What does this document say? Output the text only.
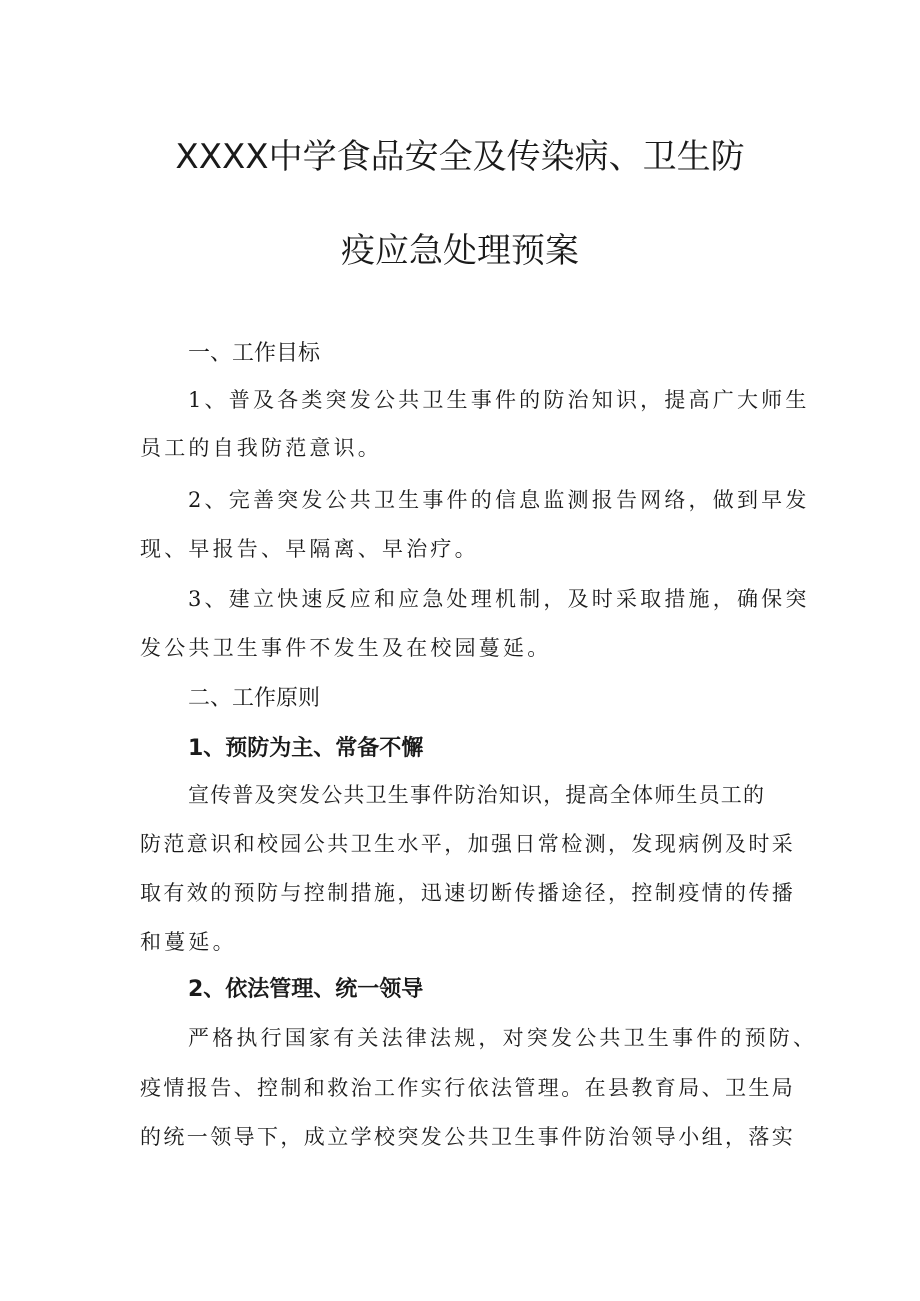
XXXX中学食品安全及传染病、卫生防
疫应急处理预案
一、工作目标
1、普及各类突发公共卫生事件的防治知识，提高广大师生
员工的自我防范意识。
2、完善突发公共卫生事件的信息监测报告网络，做到早发
现、早报告、早隔离、早治疗。
3、建立快速反应和应急处理机制，及时采取措施，确保突
发公共卫生事件不发生及在校园蔓延。
二、工作原则
1、预防为主、常备不懈
宣传普及突发公共卫生事件防治知识，提高全体师生员工的
防范意识和校园公共卫生水平，加强日常检测，发现病例及时采
取有效的预防与控制措施，迅速切断传播途径，控制疫情的传播
和蔓延。
2、依法管理、统一领导
严格执行国家有关法律法规，对突发公共卫生事件的预防、
疫情报告、控制和救治工作实行依法管理。在县教育局、卫生局
的统一领导下，成立学校突发公共卫生事件防治领导小组，落实
